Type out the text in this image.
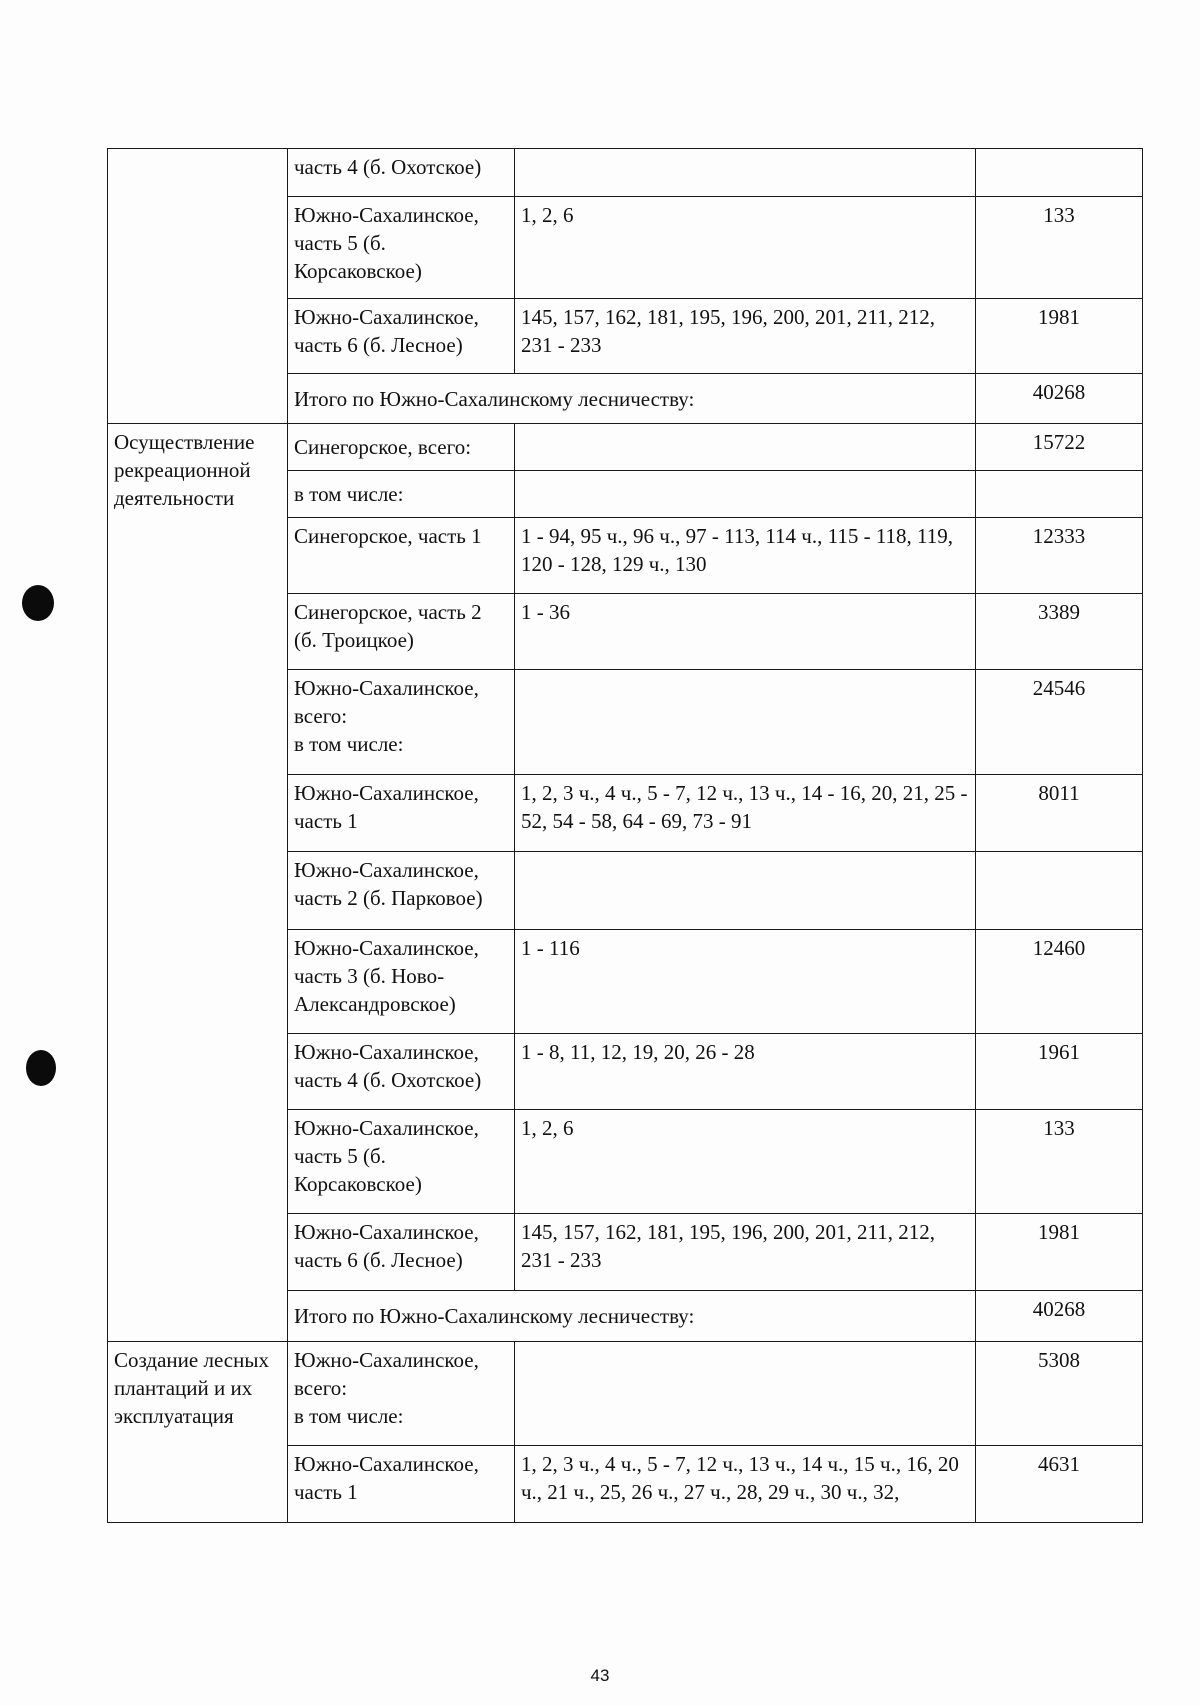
	часть 4 (б. Охотское)		

	Южно-Сахалинское,
часть 5 (б.
Корсаковское)	1, 2, 6	133

	Южно-Сахалинское,
часть 6 (б. Лесное)	145, 157, 162, 181, 195, 196, 200, 201, 211, 212, 231 - 233	1981
	Итого по Южно-Сахалинскому лесничеству:		40268
Осуществление рекреационной деятельности	Синегорское, всего:		15722
	в том числе:		
	Синегорское, часть 1	1 - 94, 95 ч., 96 ч., 97 - 113, 114 ч., 115 - 118, 119, 120 - 128, 129 ч., 130	12333

	Синегорское, часть 2
(б. Троицкое)	1 - 36	3389

	Южно-Сахалинское,
всего:
в том числе:		24546

	Южно-Сахалинское,
часть 1	1, 2, 3 ч., 4 ч., 5 - 7, 12 ч., 13 ч., 14 - 16, 20, 21, 25 - 52, 54 - 58, 64 - 69, 73 - 91	8011

	Южно-Сахалинское,
часть 2 (б. Парковое)		

	Южно-Сахалинское,
часть 3 (б. Ново-
Александровское)	1 - 116	12460

	Южно-Сахалинское,
часть 4 (б. Охотское)	1 - 8, 11, 12, 19, 20, 26 - 28	1961

	Южно-Сахалинское,
часть 5 (б.
Корсаковское)	1, 2, 6	133

	Южно-Сахалинское,
часть 6 (б. Лесное)	145, 157, 162, 181, 195, 196, 200, 201, 211, 212, 231 - 233	1981
	Итого по Южно-Сахалинскому лесничеству:		40268
Создание лесных плантаций и их эксплуатация	Южно-Сахалинское,
всего:
в том числе:		5308

	Южно-Сахалинское,
часть 1	1, 2, 3 ч., 4 ч., 5 - 7, 12 ч., 13 ч., 14 ч., 15 ч., 16, 20 ч., 21 ч., 25, 26 ч., 27 ч., 28, 29 ч., 30 ч., 32,	4631
43
